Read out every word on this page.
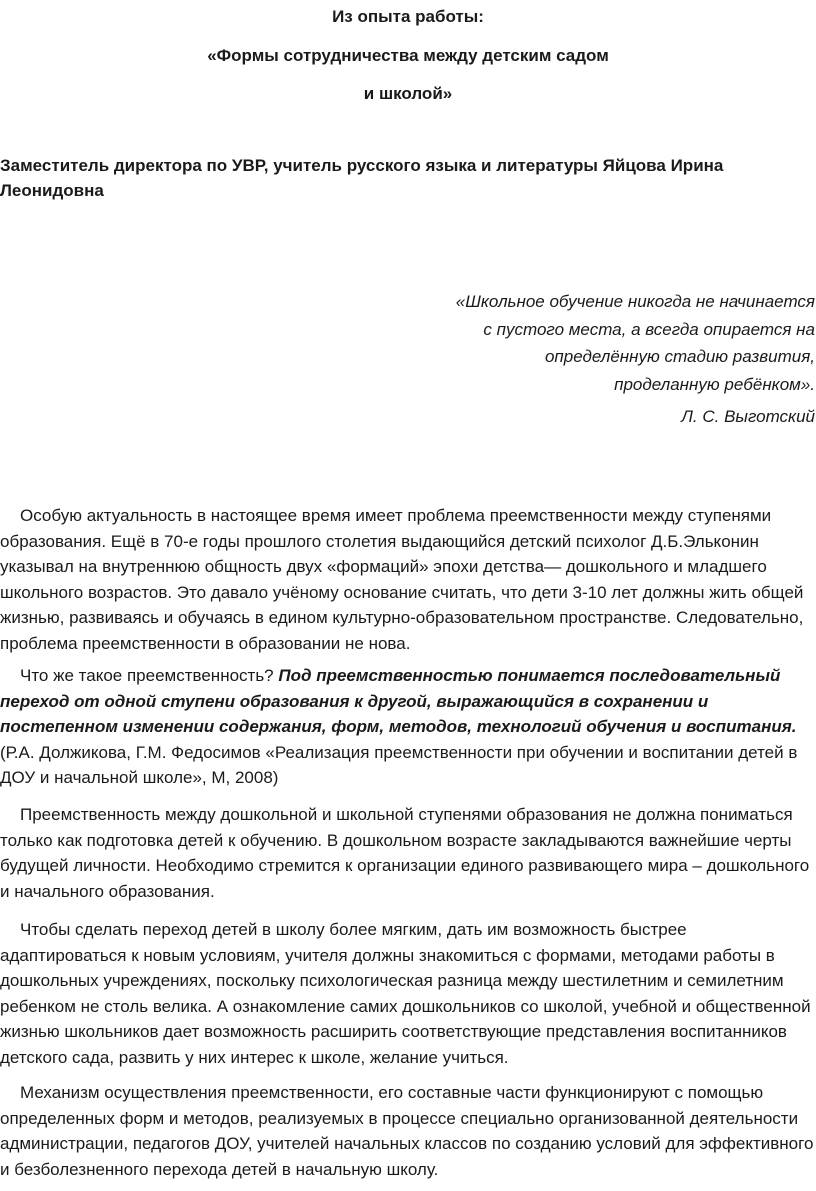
Из опыта работы:
«Формы сотрудничества между детским садом
и школой»
Заместитель директора по УВР, учитель русского языка и литературы Яйцова Ирина Леонидовна
«Школьное обучение никогда не начинается с пустого места, а всегда опирается на определённую стадию развития, проделанную ребёнком».
Л. С. Выготский

Особую актуальность в настоящее время имеет проблема преемственности между ступенями образования. Ещё в 70-е годы прошлого столетия выдающийся детский психолог Д.Б.Эльконин указывал на внутреннюю общность двух «формаций» эпохи детства— дошкольного и младшего школьного возрастов. Это давало учёному основание считать, что дети 3-10 лет должны жить общей жизнью, развиваясь и обучаясь в едином культурно-образовательном пространстве. Следовательно, проблема преемственности в образовании не нова.

Что же такое преемственность? Под преемственностью понимается последовательный переход от одной ступени образования к другой, выражающийся в сохранении и постепенном изменении содержания, форм, методов, технологий обучения и воспитания. (Р.А. Должикова, Г.М. Федосимов «Реализация преемственности при обучении и воспитании детей в ДОУ и начальной школе», М, 2008)

Преемственность между дошкольной и школьной ступенями образования не должна пониматься только как подготовка детей к обучению. В дошкольном возрасте закладываются важнейшие черты будущей личности. Необходимо стремится к организации единого развивающего мира – дошкольного и начального образования.

Чтобы сделать переход детей в школу более мягким, дать им возможность быстрее адаптироваться к новым условиям, учителя должны знакомиться с формами, методами работы в дошкольных учреждениях, поскольку психологическая разница между шестилетним и семилетним ребенком не столь велика. А ознакомление самих дошкольников со школой, учебной и общественной жизнью школьников дает возможность расширить соответствующие представления воспитанников детского сада, развить у них интерес к школе, желание учиться.

Механизм осуществления преемственности, его составные части функционируют с помощью определенных форм и методов, реализуемых в процессе специально организованной деятельности администрации, педагогов ДОУ, учителей начальных классов по созданию условий для эффективного и безболезненного перехода детей в начальную школу.
